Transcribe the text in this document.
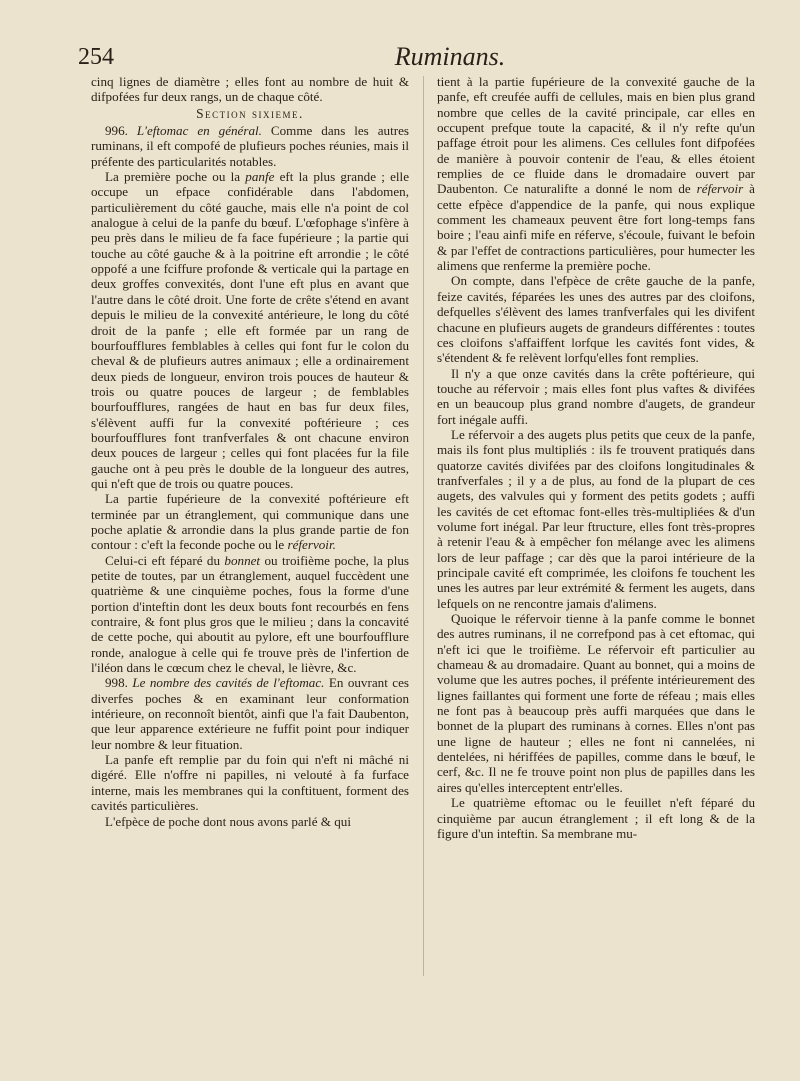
254	Ruminans.

cinq lignes de diamètre ; elles font au nombre de huit & difpofées fur deux rangs, un de chaque côté.

Section sixieme.

996. L'eftomac en général. Comme dans les autres ruminans, il eft compofé de plufieurs poches réunies, mais il préfente des particularités notables.

La première poche ou la panfe eft la plus grande ; elle occupe un efpace confidérable dans l'abdomen, particulièrement du côté gauche, mais elle n'a point de col analogue à celui de la panfe du bœuf. L'œfophage s'infère à peu près dans le milieu de fa face fupérieure ; la partie qui touche au côté gauche & à la poitrine eft arrondie ; le côté oppofé a une fciffure profonde & verticale qui la partage en deux groffes convexités, dont l'une eft plus en avant que l'autre dans le côté droit. Une forte de crête s'étend en avant depuis le milieu de la convexité antérieure, le long du côté droit de la panfe ; elle eft formée par un rang de bourfoufflures femblables à celles qui font fur le colon du cheval & de plufieurs autres animaux ; elle a ordinairement deux pieds de longueur, environ trois pouces de hauteur & trois ou quatre pouces de largeur ; de femblables bourfoufflures, rangées de haut en bas fur deux files, s'élèvent auffi fur la convexité poftérieure ; ces bourfoufflures font tranfverfales & ont chacune environ deux pouces de largeur ; celles qui font placées fur la file gauche ont à peu près le double de la longueur des autres, qui n'eft que de trois ou quatre pouces.

La partie fupérieure de la convexité poftérieure eft terminée par un étranglement, qui communique dans une poche aplatie & arrondie dans la plus grande partie de fon contour : c'eft la feconde poche ou le réfervoir.

Celui-ci eft féparé du bonnet ou troifième poche, la plus petite de toutes, par un étranglement, auquel fuccèdent une quatrième & une cinquième poches, fous la forme d'une portion d'inteftin dont les deux bouts font recourbés en fens contraire, & font plus gros que le milieu ; dans la concavité de cette poche, qui aboutit au pylore, eft une bourfoufflure ronde, analogue à celle qui fe trouve près de l'infertion de l'iléon dans le cœcum chez le cheval, le lièvre, &c.

998. Le nombre des cavités de l'eftomac. En ouvrant ces diverfes poches & en examinant leur conformation intérieure, on reconnoît bientôt, ainfi que l'a fait Daubenton, que leur apparence extérieure ne fuffit point pour indiquer leur nombre & leur fituation.

La panfe eft remplie par du foin qui n'eft ni mâché ni digéré. Elle n'offre ni papilles, ni velouté à fa furface interne, mais les membranes qui la conftituent, forment des cavités particulières.

L'efpèce de poche dont nous avons parlé & qui

tient à la partie fupérieure de la convexité gauche de la panfe, eft creufée auffi de cellules, mais en bien plus grand nombre que celles de la cavité principale, car elles en occupent prefque toute la capacité, & il n'y refte qu'un paffage étroit pour les alimens. Ces cellules font difpofées de manière à pouvoir contenir de l'eau, & elles étoient remplies de ce fluide dans le dromadaire ouvert par Daubenton. Ce naturalifte a donné le nom de réfervoir à cette efpèce d'appendice de la panfe, qui nous explique comment les chameaux peuvent être fort long-temps fans boire ; l'eau ainfi mife en réferve, s'écoule, fuivant le befoin & par l'effet de contractions particulières, pour humecter les alimens que renferme la première poche.

On compte, dans l'efpèce de crête gauche de la panfe, feize cavités, féparées les unes des autres par des cloifons, defquelles s'élèvent des lames tranfverfales qui les divifent chacune en plufieurs augets de grandeurs différentes : toutes ces cloifons s'affaiffent lorfque les cavités font vides, & s'étendent & fe relèvent lorfqu'elles font remplies.

Il n'y a que onze cavités dans la crête poftérieure, qui touche au réfervoir ; mais elles font plus vaftes & divifées en un beaucoup plus grand nombre d'augets, de grandeur fort inégale auffi.

Le réfervoir a des augets plus petits que ceux de la panfe, mais ils font plus multipliés : ils fe trouvent pratiqués dans quatorze cavités divifées par des cloifons longitudinales & tranfverfales ; il y a de plus, au fond de la plupart de ces augets, des valvules qui y forment des petits godets ; auffi les cavités de cet eftomac font-elles très-multipliées & d'un volume fort inégal. Par leur ftructure, elles font très-propres à retenir l'eau & à empêcher fon mélange avec les alimens lors de leur paffage ; car dès que la paroi intérieure de la principale cavité eft comprimée, les cloifons fe touchent les unes les autres par leur extrémité & ferment les augets, dans lefquels on ne rencontre jamais d'alimens.

Quoique le réfervoir tienne à la panfe comme le bonnet des autres ruminans, il ne correfpond pas à cet eftomac, qui n'eft ici que le troifième. Le réfervoir eft particulier au chameau & au dromadaire. Quant au bonnet, qui a moins de volume que les autres poches, il préfente intérieurement des lignes faillantes qui forment une forte de réfeau ; mais elles ne font pas à beaucoup près auffi marquées que dans le bonnet de la plupart des ruminans à cornes. Elles n'ont pas une ligne de hauteur ; elles ne font ni cannelées, ni dentelées, ni hériffées de papilles, comme dans le bœuf, le cerf, &c. Il ne fe trouve point non plus de papilles dans les aires qu'elles interceptent entr'elles.

Le quatrième eftomac ou le feuillet n'eft féparé du cinquième par aucun étranglement ; il eft long & de la figure d'un inteftin. Sa membrane mu-
